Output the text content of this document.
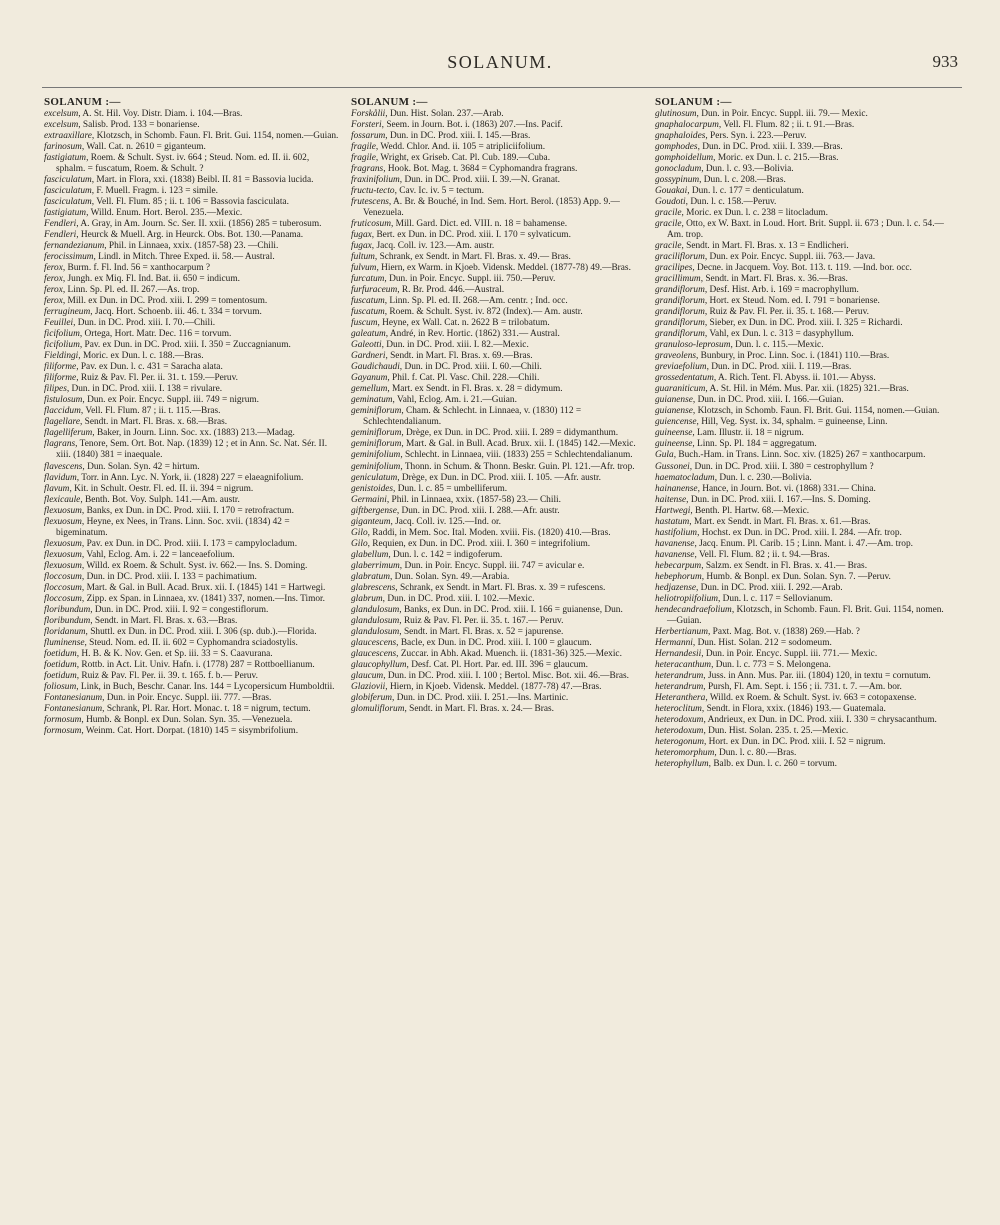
SOLANUM.	933
SOLANUM :—

excelsum, A. St. Hil. Voy. Distr. Diam. i. 104.—Bras.

excelsum, Salisb. Prod. 133 = bonariense.

extraaxillare, Klotzsch, in Schomb. Faun. Fl. Brit. Gui. 1154, nomen.—Guian.

farinosum, Wall. Cat. n. 2610 = giganteum.

fastigiatum, Roem. & Schult. Syst. iv. 664 ; Steud. Nom. ed. II. ii. 602, sphalm. = fuscatum, Roem. & Schult. ?

fasciculatum, Mart. in Flora, xxi. (1838) Beibl. II. 81 = Bassovia lucida.

fasciculatum, F. Muell. Fragm. i. 123 = simile.

fasciculatum, Vell. Fl. Flum. 85 ; ii. t. 106 = Bassovia fasciculata.

fastigiatum, Willd. Enum. Hort. Berol. 235.—Mexic.

Fendleri, A. Gray, in Am. Journ. Sc. Ser. II. xxii. (1856) 285 = tuberosum.

Fendleri, Heurck & Muell. Arg. in Heurck. Obs. Bot. 130.—Panama.

fernandezianum, Phil. in Linnaea, xxix. (1857-58) 23. —Chili.

ferocissimum, Lindl. in Mitch. Three Exped. ii. 58.— Austral.

ferox, Burm. f. Fl. Ind. 56 = xanthocarpum ?

ferox, Jungh. ex Miq. Fl. Ind. Bat. ii. 650 = indicum.

ferox, Linn. Sp. Pl. ed. II. 267.—As. trop.

ferox, Mill. ex Dun. in DC. Prod. xiii. I. 299 = tomentosum.

ferrugineum, Jacq. Hort. Schoenb. iii. 46. t. 334 = torvum.

Feuillei, Dun. in DC. Prod. xiii. I. 70.—Chili.

ficifolium, Ortega, Hort. Matr. Dec. 116 = torvum.

ficifolium, Pav. ex Dun. in DC. Prod. xiii. I. 350 = Zuccagnianum.

Fieldingi, Moric. ex Dun. l. c. 188.—Bras.

filiforme, Pav. ex Dun. l. c. 431 = Saracha alata.

filiforme, Ruiz & Pav. Fl. Per. ii. 31. t. 159.—Peruv.

filipes, Dun. in DC. Prod. xiii. I. 138 = rivulare.

fistulosum, Dun. ex Poir. Encyc. Suppl. iii. 749 = nigrum.

flaccidum, Vell. Fl. Flum. 87 ; ii. t. 115.—Bras.

flagellare, Sendt. in Mart. Fl. Bras. x. 68.—Bras.

flagelliferum, Baker, in Journ. Linn. Soc. xx. (1883) 213.—Madag.

flagrans, Tenore, Sem. Ort. Bot. Nap. (1839) 12 ; et in Ann. Sc. Nat. Sér. II. xiii. (1840) 381 = inaequale.

flavescens, Dun. Solan. Syn. 42 = hirtum.

flavidum, Torr. in Ann. Lyc. N. York, ii. (1828) 227 = elaeagnifolium.

flavum, Kit. in Schult. Oestr. Fl. ed. II. ii. 394 = nigrum.

flexicaule, Benth. Bot. Voy. Sulph. 141.—Am. austr.

flexuosum, Banks, ex Dun. in DC. Prod. xiii. I. 170 = retrofractum.

flexuosum, Heyne, ex Nees, in Trans. Linn. Soc. xvii. (1834) 42 = bigeminatum.

flexuosum, Pav. ex Dun. in DC. Prod. xiii. I. 173 = campylocladum.

flexuosum, Vahl, Eclog. Am. i. 22 = lanceaefolium.

flexuosum, Willd. ex Roem. & Schult. Syst. iv. 662.— Ins. S. Doming.

floccosum, Dun. in DC. Prod. xiii. I. 133 = pachimatium.

floccosum, Mart. & Gal. in Bull. Acad. Brux. xii. I. (1845) 141 = Hartwegi.

floccosum, Zipp. ex Span. in Linnaea, xv. (1841) 337, nomen.—Ins. Timor.

floribundum, Dun. in DC. Prod. xiii. I. 92 = congestiflorum.

floribundum, Sendt. in Mart. Fl. Bras. x. 63.—Bras.

floridanum, Shuttl. ex Dun. in DC. Prod. xiii. I. 306 (sp. dub.).—Florida.

fluminense, Steud. Nom. ed. II. ii. 602 = Cyphomandra sciadostylis.

foetidum, H. B. & K. Nov. Gen. et Sp. iii. 33 = S. Caavurana.

foetidum, Rottb. in Act. Lit. Univ. Hafn. i. (1778) 287 = Rottboellianum.

foetidum, Ruiz & Pav. Fl. Per. ii. 39. t. 165. f. b.— Peruv.

foliosum, Link, in Buch, Beschr. Canar. Ins. 144 = Lycopersicum Humboldtii.

Fontanesianum, Dun. in Poir. Encyc. Suppl. iii. 777. —Bras.

Fontanesianum, Schrank, Pl. Rar. Hort. Monac. t. 18 = nigrum, tectum.

formosum, Humb. & Bonpl. ex Dun. Solan. Syn. 35. —Venezuela.

formosum, Weinm. Cat. Hort. Dorpat. (1810) 145 = sisymbrifolium.

SOLANUM :—

Forskålii, Dun. Hist. Solan. 237.—Arab.

Forsteri, Seem. in Journ. Bot. i. (1863) 207.—Ins. Pacif.

fossarum, Dun. in DC. Prod. xiii. I. 145.—Bras.

fragile, Wedd. Chlor. And. ii. 105 = atripliciifolium.

fragile, Wright, ex Griseb. Cat. Pl. Cub. 189.—Cuba.

fragrans, Hook. Bot. Mag. t. 3684 = Cyphomandra fragrans.

fraxinifolium, Dun. in DC. Prod. xiii. I. 39.—N. Granat.

fructu-tecto, Cav. Ic. iv. 5 = tectum.

frutescens, A. Br. & Bouché, in Ind. Sem. Hort. Berol. (1853) App. 9.—Venezuela.

fruticosum, Mill. Gard. Dict. ed. VIII. n. 18 = bahamense.

fugax, Bert. ex Dun. in DC. Prod. xiii. I. 170 = sylvaticum.

fugax, Jacq. Coll. iv. 123.—Am. austr.

fultum, Schrank, ex Sendt. in Mart. Fl. Bras. x. 49.— Bras.

fulvum, Hiern, ex Warm. in Kjoeb. Vidensk. Meddel. (1877-78) 49.—Bras.

furcatum, Dun. in Poir. Encyc. Suppl. iii. 750.—Peruv.

furfuraceum, R. Br. Prod. 446.—Austral.

fuscatum, Linn. Sp. Pl. ed. II. 268.—Am. centr. ; Ind. occ.

fuscatum, Roem. & Schult. Syst. iv. 872 (Index).— Am. austr.

fuscum, Heyne, ex Wall. Cat. n. 2622 B = trilobatum.

galeatum, André, in Rev. Hortic. (1862) 331.— Austral.

Galeotti, Dun. in DC. Prod. xiii. I. 82.—Mexic.

Gardneri, Sendt. in Mart. Fl. Bras. x. 69.—Bras.

Gaudichaudi, Dun. in DC. Prod. xiii. I. 60.—Chili.

Gayanum, Phil. f. Cat. Pl. Vasc. Chil. 228.—Chili.

gemellum, Mart. ex Sendt. in Fl. Bras. x. 28 = didymum.

geminatum, Vahl, Eclog. Am. i. 21.—Guian.

geminiflorum, Cham. & Schlecht. in Linnaea, v. (1830) 112 = Schlechtendalianum.

geminiflorum, Drège, ex Dun. in DC. Prod. xiii. I. 289 = didymanthum.

geminiflorum, Mart. & Gal. in Bull. Acad. Brux. xii. I. (1845) 142.—Mexic.

geminifolium, Schlecht. in Linnaea, viii. (1833) 255 = Schlechtendalianum.

geminifolium, Thonn. in Schum. & Thonn. Beskr. Guin. Pl. 121.—Afr. trop.

geniculatum, Drège, ex Dun. in DC. Prod. xiii. I. 105. —Afr. austr.

genistoides, Dun. l. c. 85 = umbelliferum.

Germaini, Phil. in Linnaea, xxix. (1857-58) 23.— Chili.

giftbergense, Dun. in DC. Prod. xiii. I. 288.—Afr. austr.

giganteum, Jacq. Coll. iv. 125.—Ind. or.

Gilo, Raddi, in Mem. Soc. Ital. Moden. xviii. Fis. (1820) 410.—Bras.

Gilo, Requien, ex Dun. in DC. Prod. xiii. I. 360 = integrifolium.

glabellum, Dun. l. c. 142 = indigoferum.

glaberrimum, Dun. in Poir. Encyc. Suppl. iii. 747 = avicular e.

glabratum, Dun. Solan. Syn. 49.—Arabia.

glabrescens, Schrank, ex Sendt. in Mart. Fl. Bras. x. 39 = rufescens.

glabrum, Dun. in DC. Prod. xiii. I. 102.—Mexic.

glandulosum, Banks, ex Dun. in DC. Prod. xiii. I. 166 = guianense, Dun.

glandulosum, Ruiz & Pav. Fl. Per. ii. 35. t. 167.— Peruv.

glandulosum, Sendt. in Mart. Fl. Bras. x. 52 = japurense.

glaucescens, Bacle, ex Dun. in DC. Prod. xiii. I. 100 = glaucum.

glaucescens, Zuccar. in Abh. Akad. Muench. ii. (1831-36) 325.—Mexic.

glaucophyllum, Desf. Cat. Pl. Hort. Par. ed. III. 396 = glaucum.

glaucum, Dun. in DC. Prod. xiii. I. 100 ; Bertol. Misc. Bot. xii. 46.—Bras.

Glaziovii, Hiern, in Kjoeb. Vidensk. Meddel. (1877-78) 47.—Bras.

globiferum, Dun. in DC. Prod. xiii. I. 251.—Ins. Martinic.

glomuliflorum, Sendt. in Mart. Fl. Bras. x. 24.— Bras.

SOLANUM :—

glutinosum, Dun. in Poir. Encyc. Suppl. iii. 79.— Mexic.

gnaphalocarpum, Vell. Fl. Flum. 82 ; ii. t. 91.—Bras.

gnaphaloides, Pers. Syn. i. 223.—Peruv.

gomphodes, Dun. in DC. Prod. xiii. I. 339.—Bras.

gomphoidellum, Moric. ex Dun. l. c. 215.—Bras.

gonocladum, Dun. l. c. 93.—Bolivia.

gossypinum, Dun. l. c. 208.—Bras.

Gouakai, Dun. l. c. 177 = denticulatum.

Goudoti, Dun. l. c. 158.—Peruv.

gracile, Moric. ex Dun. l. c. 238 = litocladum.

gracile, Otto, ex W. Baxt. in Loud. Hort. Brit. Suppl. ii. 673 ; Dun. l. c. 54.—Am. trop.

gracile, Sendt. in Mart. Fl. Bras. x. 13 = Endlicheri.

graciliflorum, Dun. ex Poir. Encyc. Suppl. iii. 763.— Java.

gracilipes, Decne. in Jacquem. Voy. Bot. 113. t. 119. —Ind. bor. occ.

gracillimum, Sendt. in Mart. Fl. Bras. x. 36.—Bras.

grandiflorum, Desf. Hist. Arb. i. 169 = macrophyllum.

grandiflorum, Hort. ex Steud. Nom. ed. I. 791 = bonariense.

grandiflorum, Ruiz & Pav. Fl. Per. ii. 35. t. 168.— Peruv.

grandiflorum, Sieber, ex Dun. in DC. Prod. xiii. I. 325 = Richardi.

grandiflorum, Vahl, ex Dun. l. c. 313 = dasyphyllum.

granuloso-leprosum, Dun. l. c. 115.—Mexic.

graveolens, Bunbury, in Proc. Linn. Soc. i. (1841) 110.—Bras.

greviaefolium, Dun. in DC. Prod. xiii. I. 119.—Bras.

grossedentatum, A. Rich. Tent. Fl. Abyss. ii. 101.— Abyss.

guaraniticum, A. St. Hil. in Mém. Mus. Par. xii. (1825) 321.—Bras.

guianense, Dun. in DC. Prod. xiii. I. 166.—Guian.

guianense, Klotzsch, in Schomb. Faun. Fl. Brit. Gui. 1154, nomen.—Guian.

guiencense, Hill, Veg. Syst. ix. 34, sphalm. = guineense, Linn.

guineense, Lam. Illustr. ii. 18 = nigrum.

guineense, Linn. Sp. Pl. 184 = aggregatum.

Gula, Buch.-Ham. in Trans. Linn. Soc. xiv. (1825) 267 = xanthocarpum.

Gussonei, Dun. in DC. Prod. xiii. I. 380 = cestrophyllum ?

haematocladum, Dun. l. c. 230.—Bolivia.

hainanense, Hance, in Journ. Bot. vi. (1868) 331.— China.

haitense, Dun. in DC. Prod. xiii. I. 167.—Ins. S. Doming.

Hartwegi, Benth. Pl. Hartw. 68.—Mexic.

hastatum, Mart. ex Sendt. in Mart. Fl. Bras. x. 61.—Bras.

hastifolium, Hochst. ex Dun. in DC. Prod. xiii. I. 284. —Afr. trop.

havanense, Jacq. Enum. Pl. Carib. 15 ; Linn. Mant. i. 47.—Am. trop.

havanense, Vell. Fl. Flum. 82 ; ii. t. 94.—Bras.

hebecarpum, Salzm. ex Sendt. in Fl. Bras. x. 41.— Bras.

hebephorum, Humb. & Bonpl. ex Dun. Solan. Syn. 7. —Peruv.

hedjazense, Dun. in DC. Prod. xiii. I. 292.—Arab.

heliotropiifolium, Dun. l. c. 117 = Sellovianum.

hendecandraefolium, Klotzsch, in Schomb. Faun. Fl. Brit. Gui. 1154, nomen.—Guian.

Herbertianum, Paxt. Mag. Bot. v. (1838) 269.—Hab. ?

Hermanni, Dun. Hist. Solan. 212 = sodomeum.

Hernandesii, Dun. in Poir. Encyc. Suppl. iii. 771.— Mexic.

heteracanthum, Dun. l. c. 773 = S. Melongena.

heterandrum, Juss. in Ann. Mus. Par. iii. (1804) 120, in textu = cornutum.

heterandrum, Pursh, Fl. Am. Sept. i. 156 ; ii. 731. t. 7. —Am. bor.

Heteranthera, Willd. ex Roem. & Schult. Syst. iv. 663 = cotopaxense.

heteroclitum, Sendt. in Flora, xxix. (1846) 193.— Guatemala.

heterodoxum, Andrieux, ex Dun. in DC. Prod. xiii. I. 330 = chrysacanthum.

heterodoxum, Dun. Hist. Solan. 235. t. 25.—Mexic.

heterogonum, Hort. ex Dun. in DC. Prod. xiii. I. 52 = nigrum.

heteromorphum, Dun. l. c. 80.—Bras.

heterophyllum, Balb. ex Dun. l. c. 260 = torvum.
